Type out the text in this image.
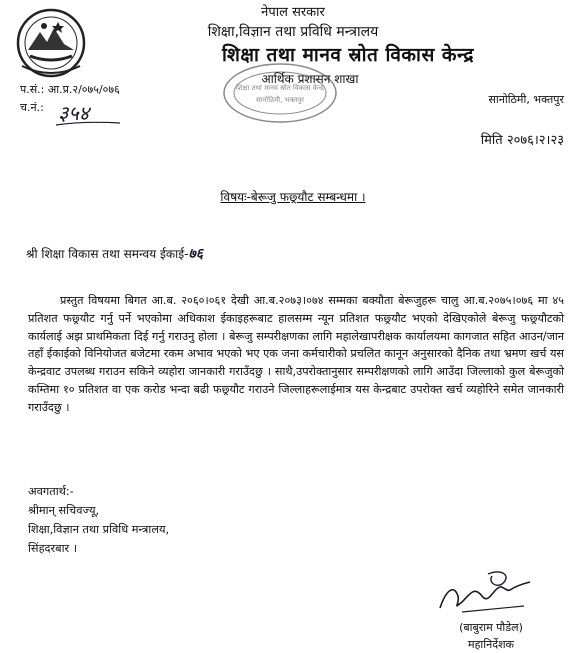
नेपाल सरकार
शिक्षा,विज्ञान तथा प्रविधि मन्त्रालय
शिक्षा तथा मानव स्रोत विकास केन्द्र
शिक्षा तथा मानव स्रोत विकास केन्द्र
सानोठिमी, भक्तपुर
आर्थिक प्रशासन शाखा
प.सं.: आ.प्र.२/०७५/०७६
च.नं.: ३५४
सानोठिमी, भक्तपुर
मिति २०७६।२।२३
विषयः-बेरूजु फछ्र्यौट सम्बन्धमा ।
श्री शिक्षा विकास तथा समन्वय ईकाई-७६
प्रस्तुत विषयमा बिगत आ.ब. २०६०।०६१ देखी आ.ब.२०७३।०७४ सम्मका बक्यौता बेरूजुहरू चालु आ.ब.२०७५।०७६ मा ४५ प्रतिशत फछ्र्यौट गर्नु पर्ने भएकोमा अधिकाश ईकाइहरूबाट हालसम्म न्यून प्रतिशत फछ्र्यौट भएको देखिएकोले बेरूजु फछ्र्यौटको कार्यलाई अझ प्राथमिकता दिई गर्नु गराउनु होला । बेरूजु सम्परीक्षणका लागि महालेखापरीक्षक कार्यालयमा कागजात सहित आउन/जान तहाँ ईकाईको विनियोजत बजेटमा रकम अभाव भएको भए एक जना कर्मचारीको प्रचलित कानून अनुसारको दैनिक तथा भ्रमण खर्च यस केन्द्रवाट उपलब्ध गराउन सकिने व्यहोरा जानकारी गराउँदछु । साथै,उपरोक्तानुसार सम्परीक्षणको लागि आउँदा जिल्लाको कुल बेरूजुको कम्तिमा १० प्रतिशत वा एक करोड भन्दा बढी फछ्र्यौट गराउने जिल्लाहरूलाईमात्र यस केन्द्रबाट उपरोक्त खर्च व्यहोरिने समेत जानकारी गराउँदछु ।
अवगतार्थ:-
श्रीमान् सचिवज्यू,
शिक्षा,विज्ञान तथा प्रविधि मन्त्रालय,
सिंहदरबार ।
(बाबुराम पौडेल)
महानिर्देशक
